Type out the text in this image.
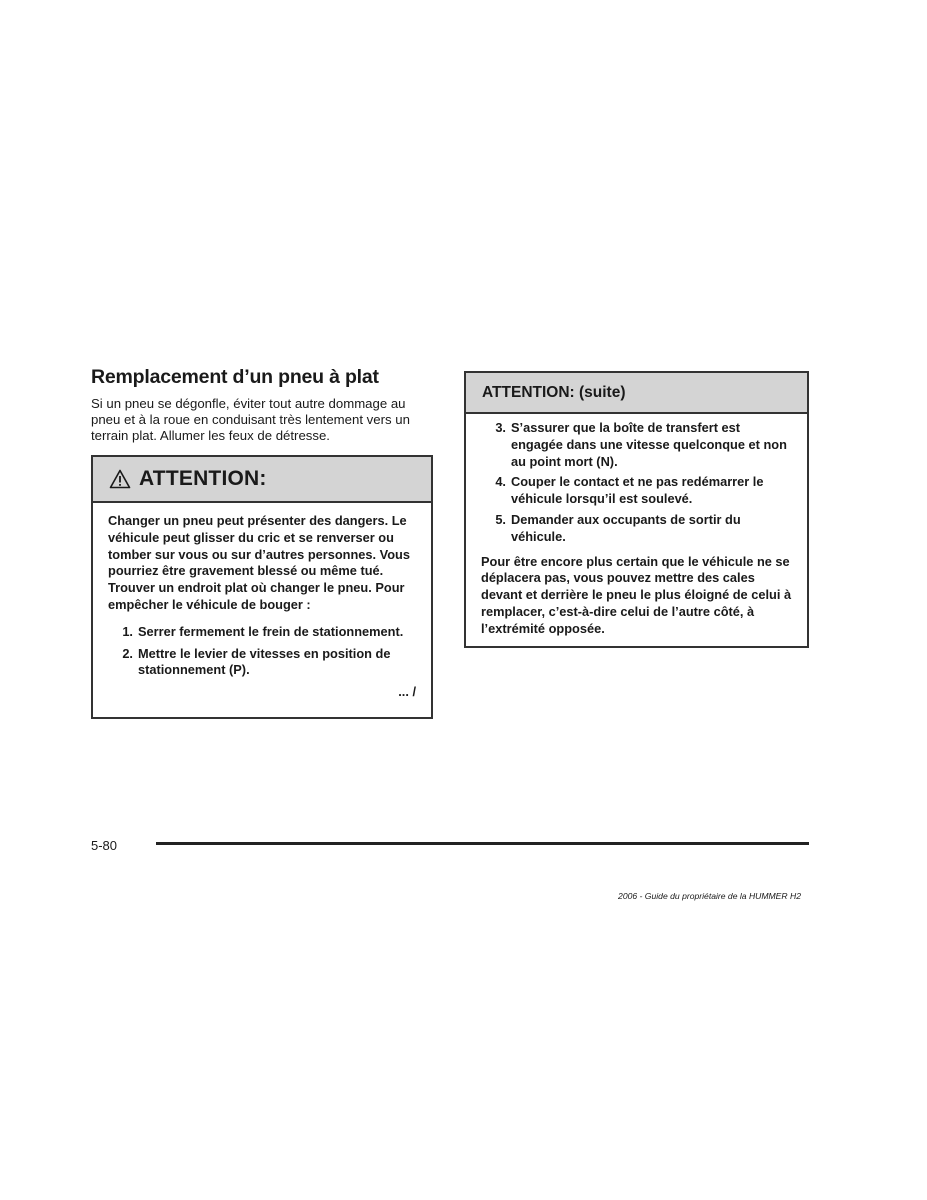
Remplacement d’un pneu à plat

Si un pneu se dégonfle, éviter tout autre dommage au pneu et à la roue en conduisant très lentement vers un terrain plat. Allumer les feux de détresse.

ATTENTION:

Changer un pneu peut présenter des dangers. Le véhicule peut glisser du cric et se renverser ou tomber sur vous ou sur d’autres personnes. Vous pourriez être gravement blessé ou même tué. Trouver un endroit plat où changer le pneu. Pour empêcher le véhicule de bouger :

1. Serrer fermement le frein de stationnement.
2. Mettre le levier de vitesses en position de stationnement (P).
... /
ATTENTION: (suite)
3. S’assurer que la boîte de transfert est engagée dans une vitesse quelconque et non au point mort (N).
4. Couper le contact et ne pas redémarrer le véhicule lorsqu’il est soulevé.
5. Demander aux occupants de sortir du véhicule.

Pour être encore plus certain que le véhicule ne se déplacera pas, vous pouvez mettre des cales devant et derrière le pneu le plus éloigné de celui à remplacer, c’est-à-dire celui de l’autre côté, à l’extrémité opposée.

5-80
2006 - Guide du propriétaire de la HUMMER H2
